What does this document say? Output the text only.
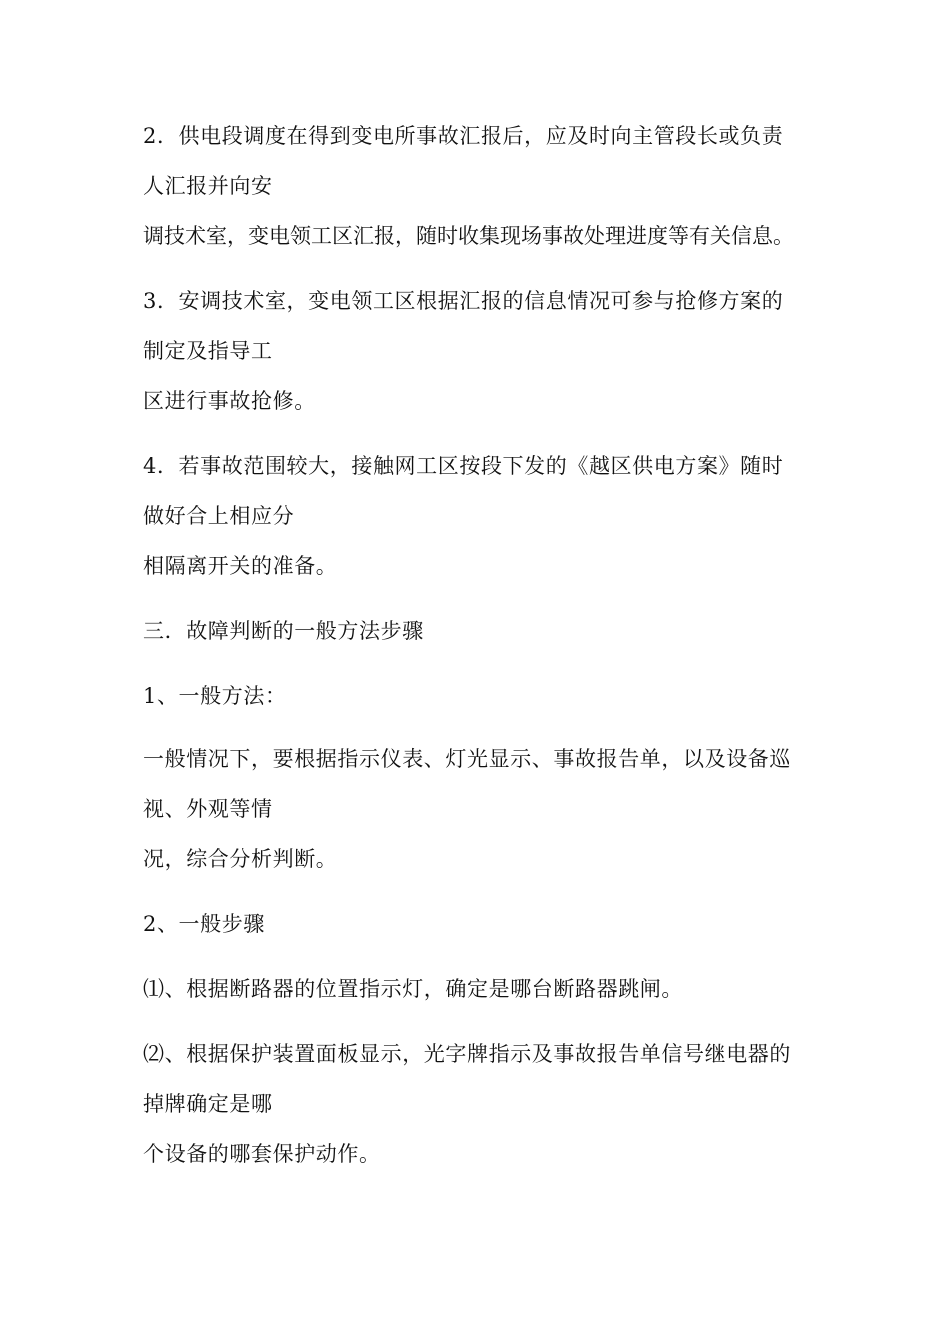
2．供电段调度在得到变电所事故汇报后，应及时向主管段长或负责
人汇报并向安
调技术室，变电领工区汇报，随时收集现场事故处理进度等有关信息。
3．安调技术室，变电领工区根据汇报的信息情况可参与抢修方案的
制定及指导工
区进行事故抢修。
4．若事故范围较大，接触网工区按段下发的《越区供电方案》随时
做好合上相应分
相隔离开关的准备。
三．故障判断的一般方法步骤
1、一般方法：
一般情况下，要根据指示仪表、灯光显示、事故报告单，以及设备巡
视、外观等情
况，综合分析判断。
2、一般步骤
⑴、根据断路器的位置指示灯，确定是哪台断路器跳闸。
⑵、根据保护装置面板显示，光字牌指示及事故报告单信号继电器的
掉牌确定是哪
个设备的哪套保护动作。
